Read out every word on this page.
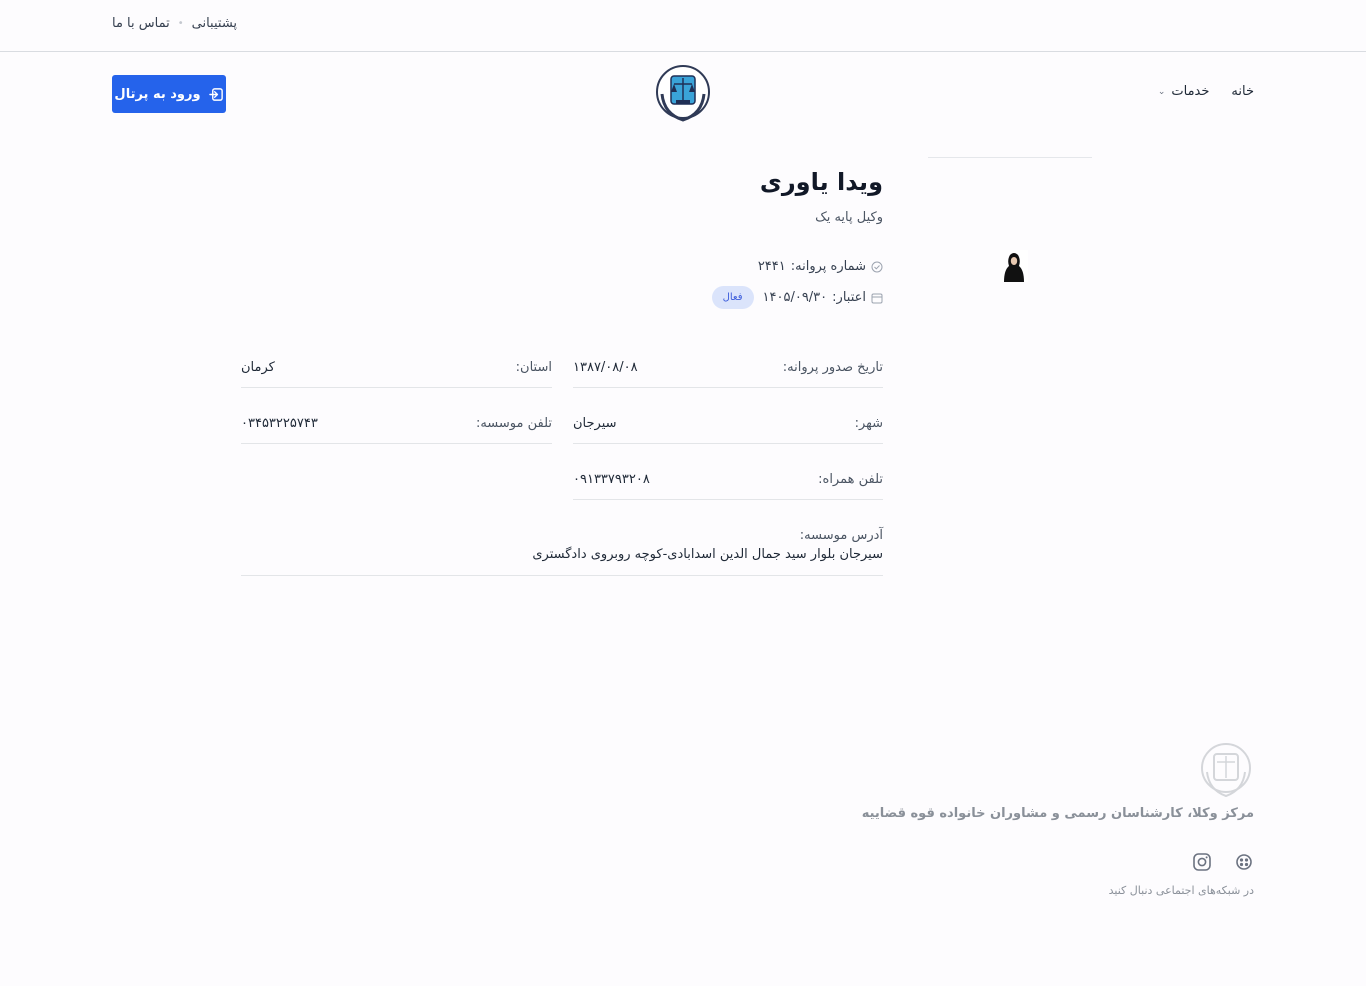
پشتیبانی
•
تماس با ما
خانه
خدمات
⌄
ورود به پرتال
ویدا یاوری
وکیل پایه یک
شماره پروانه:
۲۴۴۱
اعتبار:
۱۴۰۵/۰۹/۳۰
فعال
تاریخ صدور پروانه:
۱۳۸۷/۰۸/۰۸
استان:
کرمان
شهر:
سیرجان
تلفن موسسه:
۰۳۴۵۳۲۲۵۷۴۳
تلفن همراه:
۰۹۱۳۳۷۹۳۲۰۸
آدرس موسسه:
سیرجان بلوار سید جمال الدین اسدابادی-کوچه روبروی دادگستری
مرکز وکلا، کارشناسان رسمی و مشاوران خانواده قوه قضاییه
در شبکه‌های اجتماعی دنبال کنید
